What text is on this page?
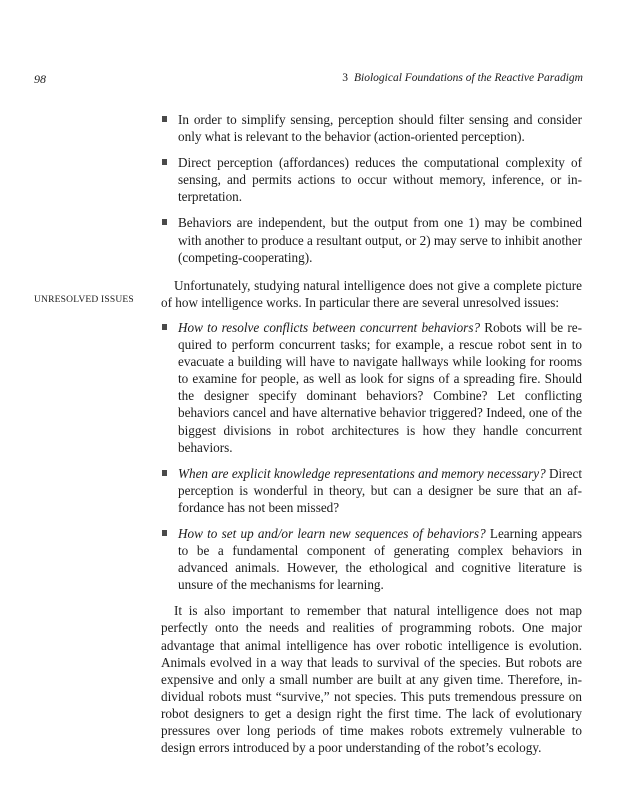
98	3 Biological Foundations of the Reactive Paradigm
UNRESOLVED ISSUES
In order to simplify sensing, perception should filter sensing and consider only what is relevant to the behavior (action-oriented perception).
Direct perception (affordances) reduces the computational complexity of sensing, and permits actions to occur without memory, inference, or interpretation.
Behaviors are independent, but the output from one 1) may be combined with another to produce a resultant output, or 2) may serve to inhibit another (competing-cooperating).

Unfortunately, studying natural intelligence does not give a complete picture of how intelligence works. In particular there are several unresolved issues:

How to resolve conflicts between concurrent behaviors? Robots will be required to perform concurrent tasks; for example, a rescue robot sent in to evacuate a building will have to navigate hallways while looking for rooms to examine for people, as well as look for signs of a spreading fire. Should the designer specify dominant behaviors? Combine? Let conflicting behaviors cancel and have alternative behavior triggered? Indeed, one of the biggest divisions in robot architectures is how they handle concurrent behaviors.
When are explicit knowledge representations and memory necessary? Direct perception is wonderful in theory, but can a designer be sure that an affordance has not been missed?
How to set up and/or learn new sequences of behaviors? Learning appears to be a fundamental component of generating complex behaviors in advanced animals. However, the ethological and cognitive literature is unsure of the mechanisms for learning.

It is also important to remember that natural intelligence does not map perfectly onto the needs and realities of programming robots. One major advantage that animal intelligence has over robotic intelligence is evolution. Animals evolved in a way that leads to survival of the species. But robots are expensive and only a small number are built at any given time. Therefore, individual robots must “survive,” not species. This puts tremendous pressure on robot designers to get a design right the first time. The lack of evolutionary pressures over long periods of time makes robots extremely vulnerable to design errors introduced by a poor understanding of the robot’s ecology.
